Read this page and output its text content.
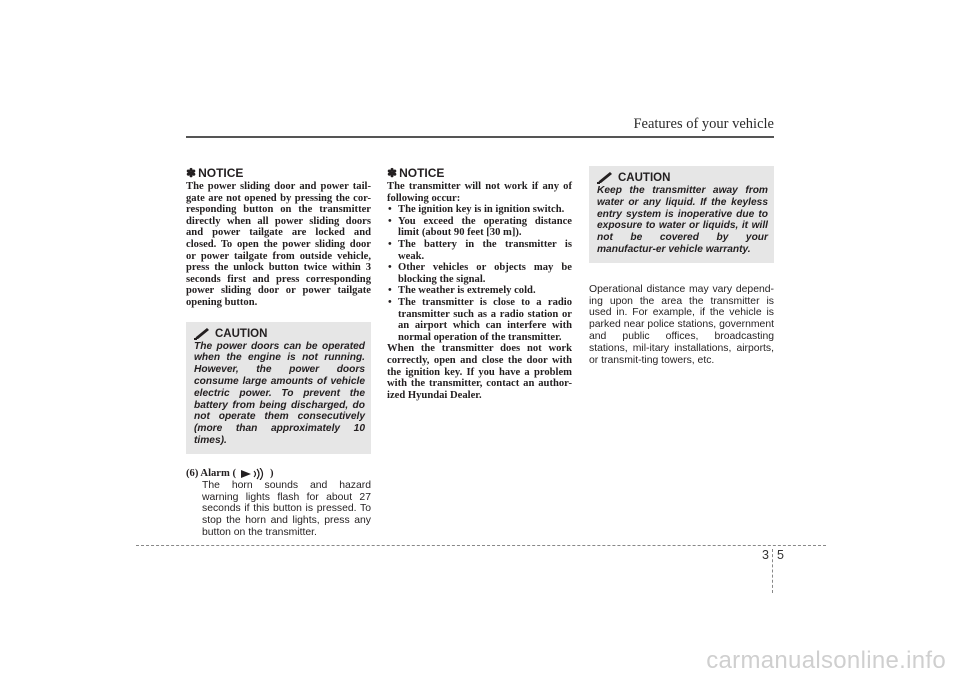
Features of your vehicle
✽ NOTICE

The power sliding door and power tail-gate are not opened by pressing the cor-responding button on the transmitter directly when all power sliding doors and power tailgate are locked and closed. To open the power sliding door or power tailgate from outside vehicle, press the unlock button twice within 3 seconds first and press corresponding power sliding door or power tailgate opening button.

CAUTION
The power doors can be operated when the engine is not running. However, the power doors consume large amounts of vehicle electric power. To prevent the battery from being discharged, do not operate them consecutively (more than approximately 10 times).
(6) Alarm (	)
The horn sounds and hazard warning lights flash for about 27 seconds if this button is pressed. To stop the horn and lights, press any button on the transmitter.
✽ NOTICE
The transmitter will not work if any of following occur:
• The ignition key is in ignition switch.
• You exceed the operating distance limit (about 90 feet [30 m]).
• The battery in the transmitter is weak.
• Other vehicles or objects may be blocking the signal.
• The weather is extremely cold.
• The transmitter is close to a radio transmitter such as a radio station or an airport which can interfere with normal operation of the transmitter.
When the transmitter does not work correctly, open and close the door with the ignition key. If you have a problem with the transmitter, contact an author-ized Hyundai Dealer.
CAUTION
Keep the transmitter away from water or any liquid. If the keyless entry system is inoperative due to exposure to water or liquids, it will not be covered by your manufactur-er vehicle warranty.
Operational distance may vary depend-ing upon the area the transmitter is used in. For example, if the vehicle is parked near police stations, government and public offices, broadcasting stations, mil-itary installations, airports, or transmit-ting towers, etc.
3 5
carmanualsonline.info
